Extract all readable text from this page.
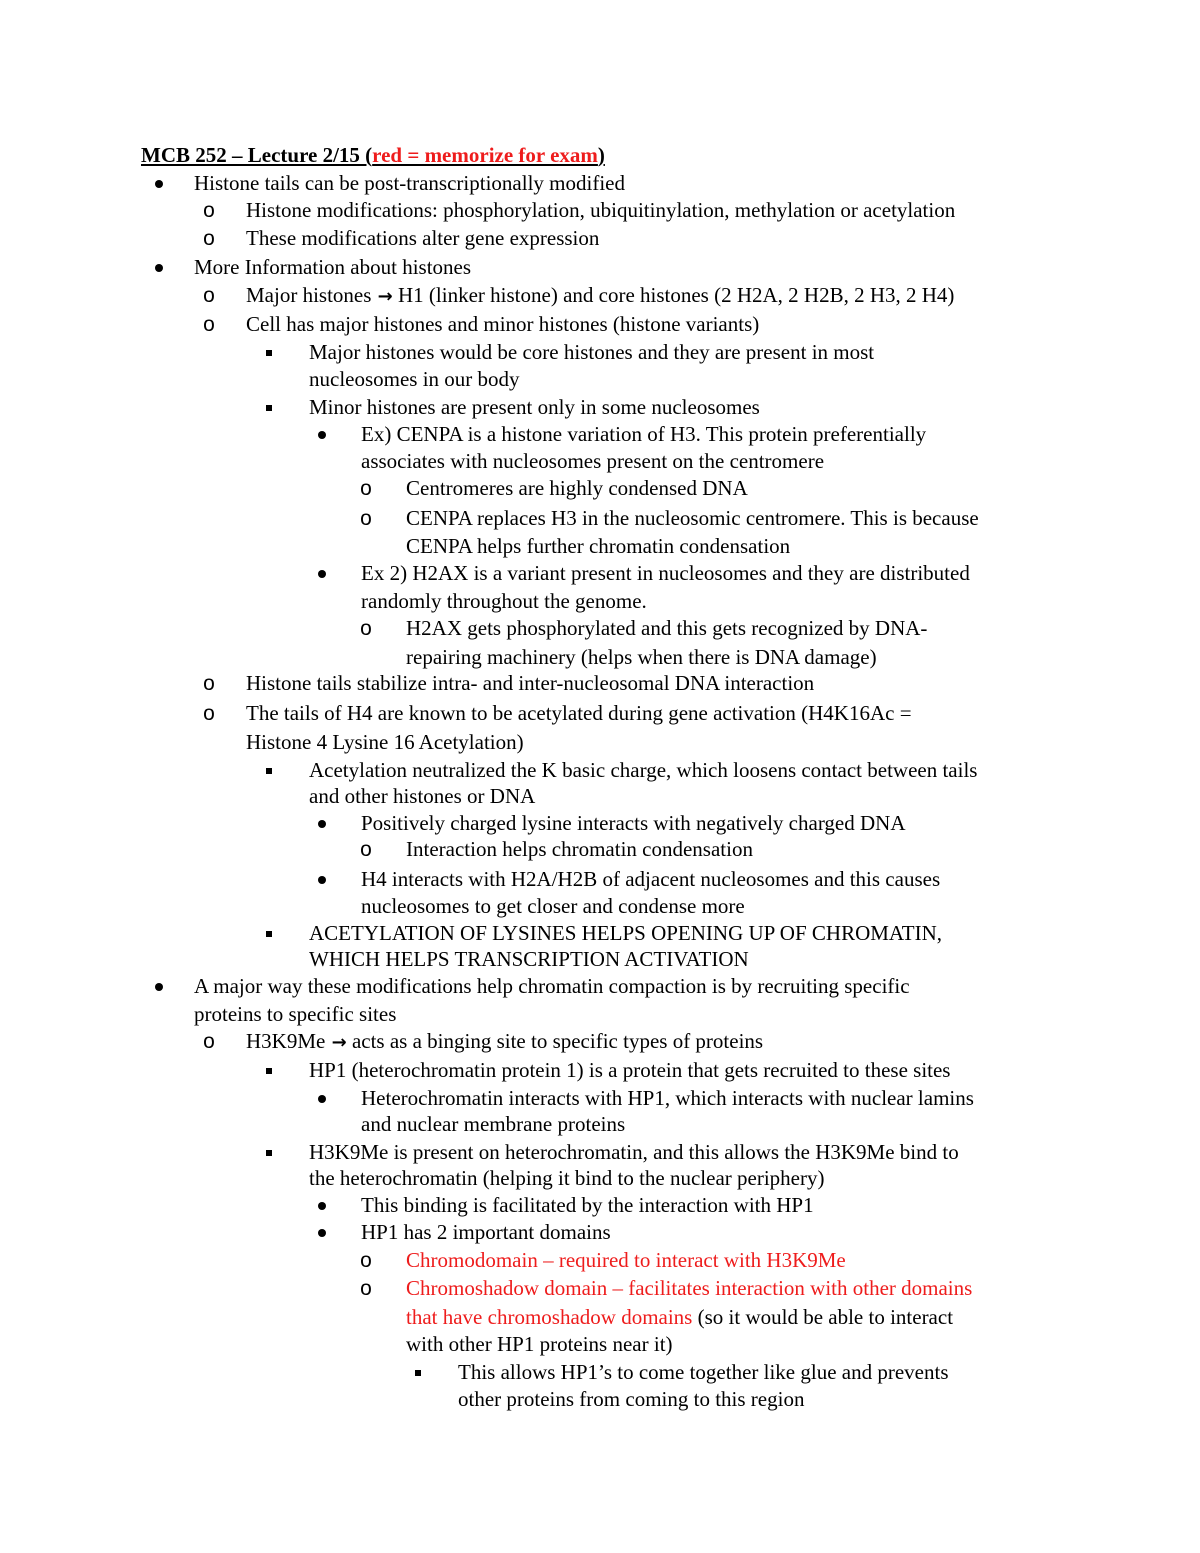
MCB 252 – Lecture 2/15 (red = memorize for exam)
Histone tails can be post-transcriptionally modified
o Histone modifications: phosphorylation, ubiquitinylation, methylation or acetylation
o These modifications alter gene expression
More Information about histones
o Major histones → H1 (linker histone) and core histones (2 H2A, 2 H2B, 2 H3, 2 H4)
o Cell has major histones and minor histones (histone variants)
Major histones would be core histones and they are present in most
nucleosomes in our body
Minor histones are present only in some nucleosomes
Ex) CENPA is a histone variation of H3. This protein preferentially
associates with nucleosomes present on the centromere
o Centromeres are highly condensed DNA
o CENPA replaces H3 in the nucleosomic centromere. This is because
CENPA helps further chromatin condensation
Ex 2) H2AX is a variant present in nucleosomes and they are distributed
randomly throughout the genome.
o H2AX gets phosphorylated and this gets recognized by DNA-
repairing machinery (helps when there is DNA damage)
o Histone tails stabilize intra- and inter-nucleosomal DNA interaction
o The tails of H4 are known to be acetylated during gene activation (H4K16Ac =
Histone 4 Lysine 16 Acetylation)
Acetylation neutralized the K basic charge, which loosens contact between tails
and other histones or DNA
Positively charged lysine interacts with negatively charged DNA
o Interaction helps chromatin condensation
H4 interacts with H2A/H2B of adjacent nucleosomes and this causes
nucleosomes to get closer and condense more
ACETYLATION OF LYSINES HELPS OPENING UP OF CHROMATIN,
WHICH HELPS TRANSCRIPTION ACTIVATION
A major way these modifications help chromatin compaction is by recruiting specific
proteins to specific sites
o H3K9Me → acts as a binging site to specific types of proteins
HP1 (heterochromatin protein 1) is a protein that gets recruited to these sites
Heterochromatin interacts with HP1, which interacts with nuclear lamins
and nuclear membrane proteins
H3K9Me is present on heterochromatin, and this allows the H3K9Me bind to
the heterochromatin (helping it bind to the nuclear periphery)
This binding is facilitated by the interaction with HP1
HP1 has 2 important domains
o Chromodomain – required to interact with H3K9Me
o Chromoshadow domain – facilitates interaction with other domains
that have chromoshadow domains (so it would be able to interact
with other HP1 proteins near it)
This allows HP1’s to come together like glue and prevents
other proteins from coming to this region
